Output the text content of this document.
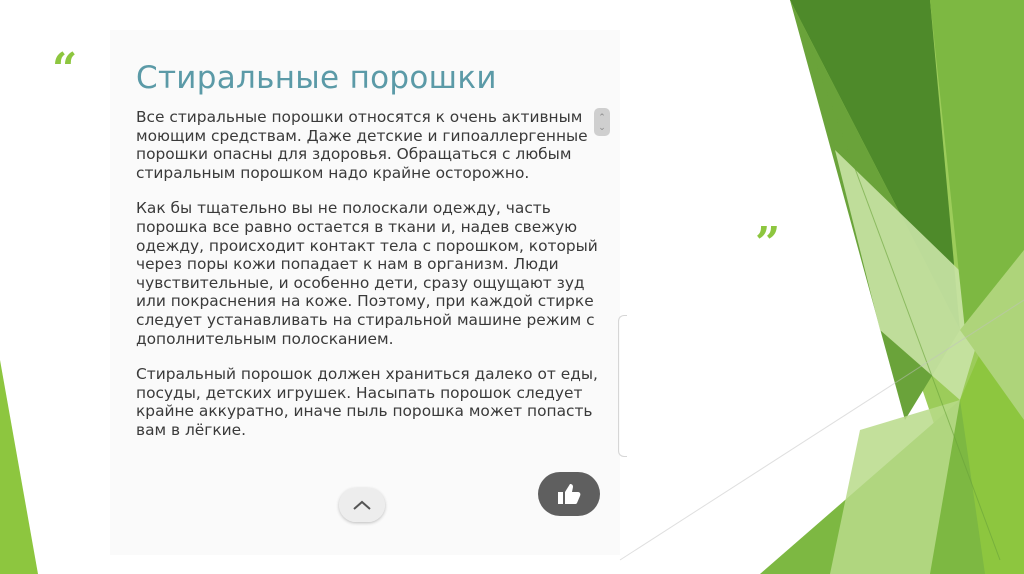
“
”
Стиральные порошки

Все стиральные порошки относятся к очень активным моющим средствам. Даже детские и гипоаллергенные порошки опасны для здоровья. Обращаться с любым стиральным порошком надо крайне осторожно.

Как бы тщательно вы не полоскали одежду, часть порошка все равно остается в ткани и, надев свежую одежду, происходит контакт тела с порошком, который через поры кожи попадает к нам в организм. Люди чувствительные, и особенно дети, сразу ощущают зуд или покраснения на коже. Поэтому, при каждой стирке следует устанавливать на стиральной машине режим с дополнительным полосканием.

Стиральный порошок должен храниться далеко от еды, посуды, детских игрушек. Насыпать порошок следует крайне аккуратно, иначе пыль порошка может попасть вам в лёгкие.

⌃
⌄
